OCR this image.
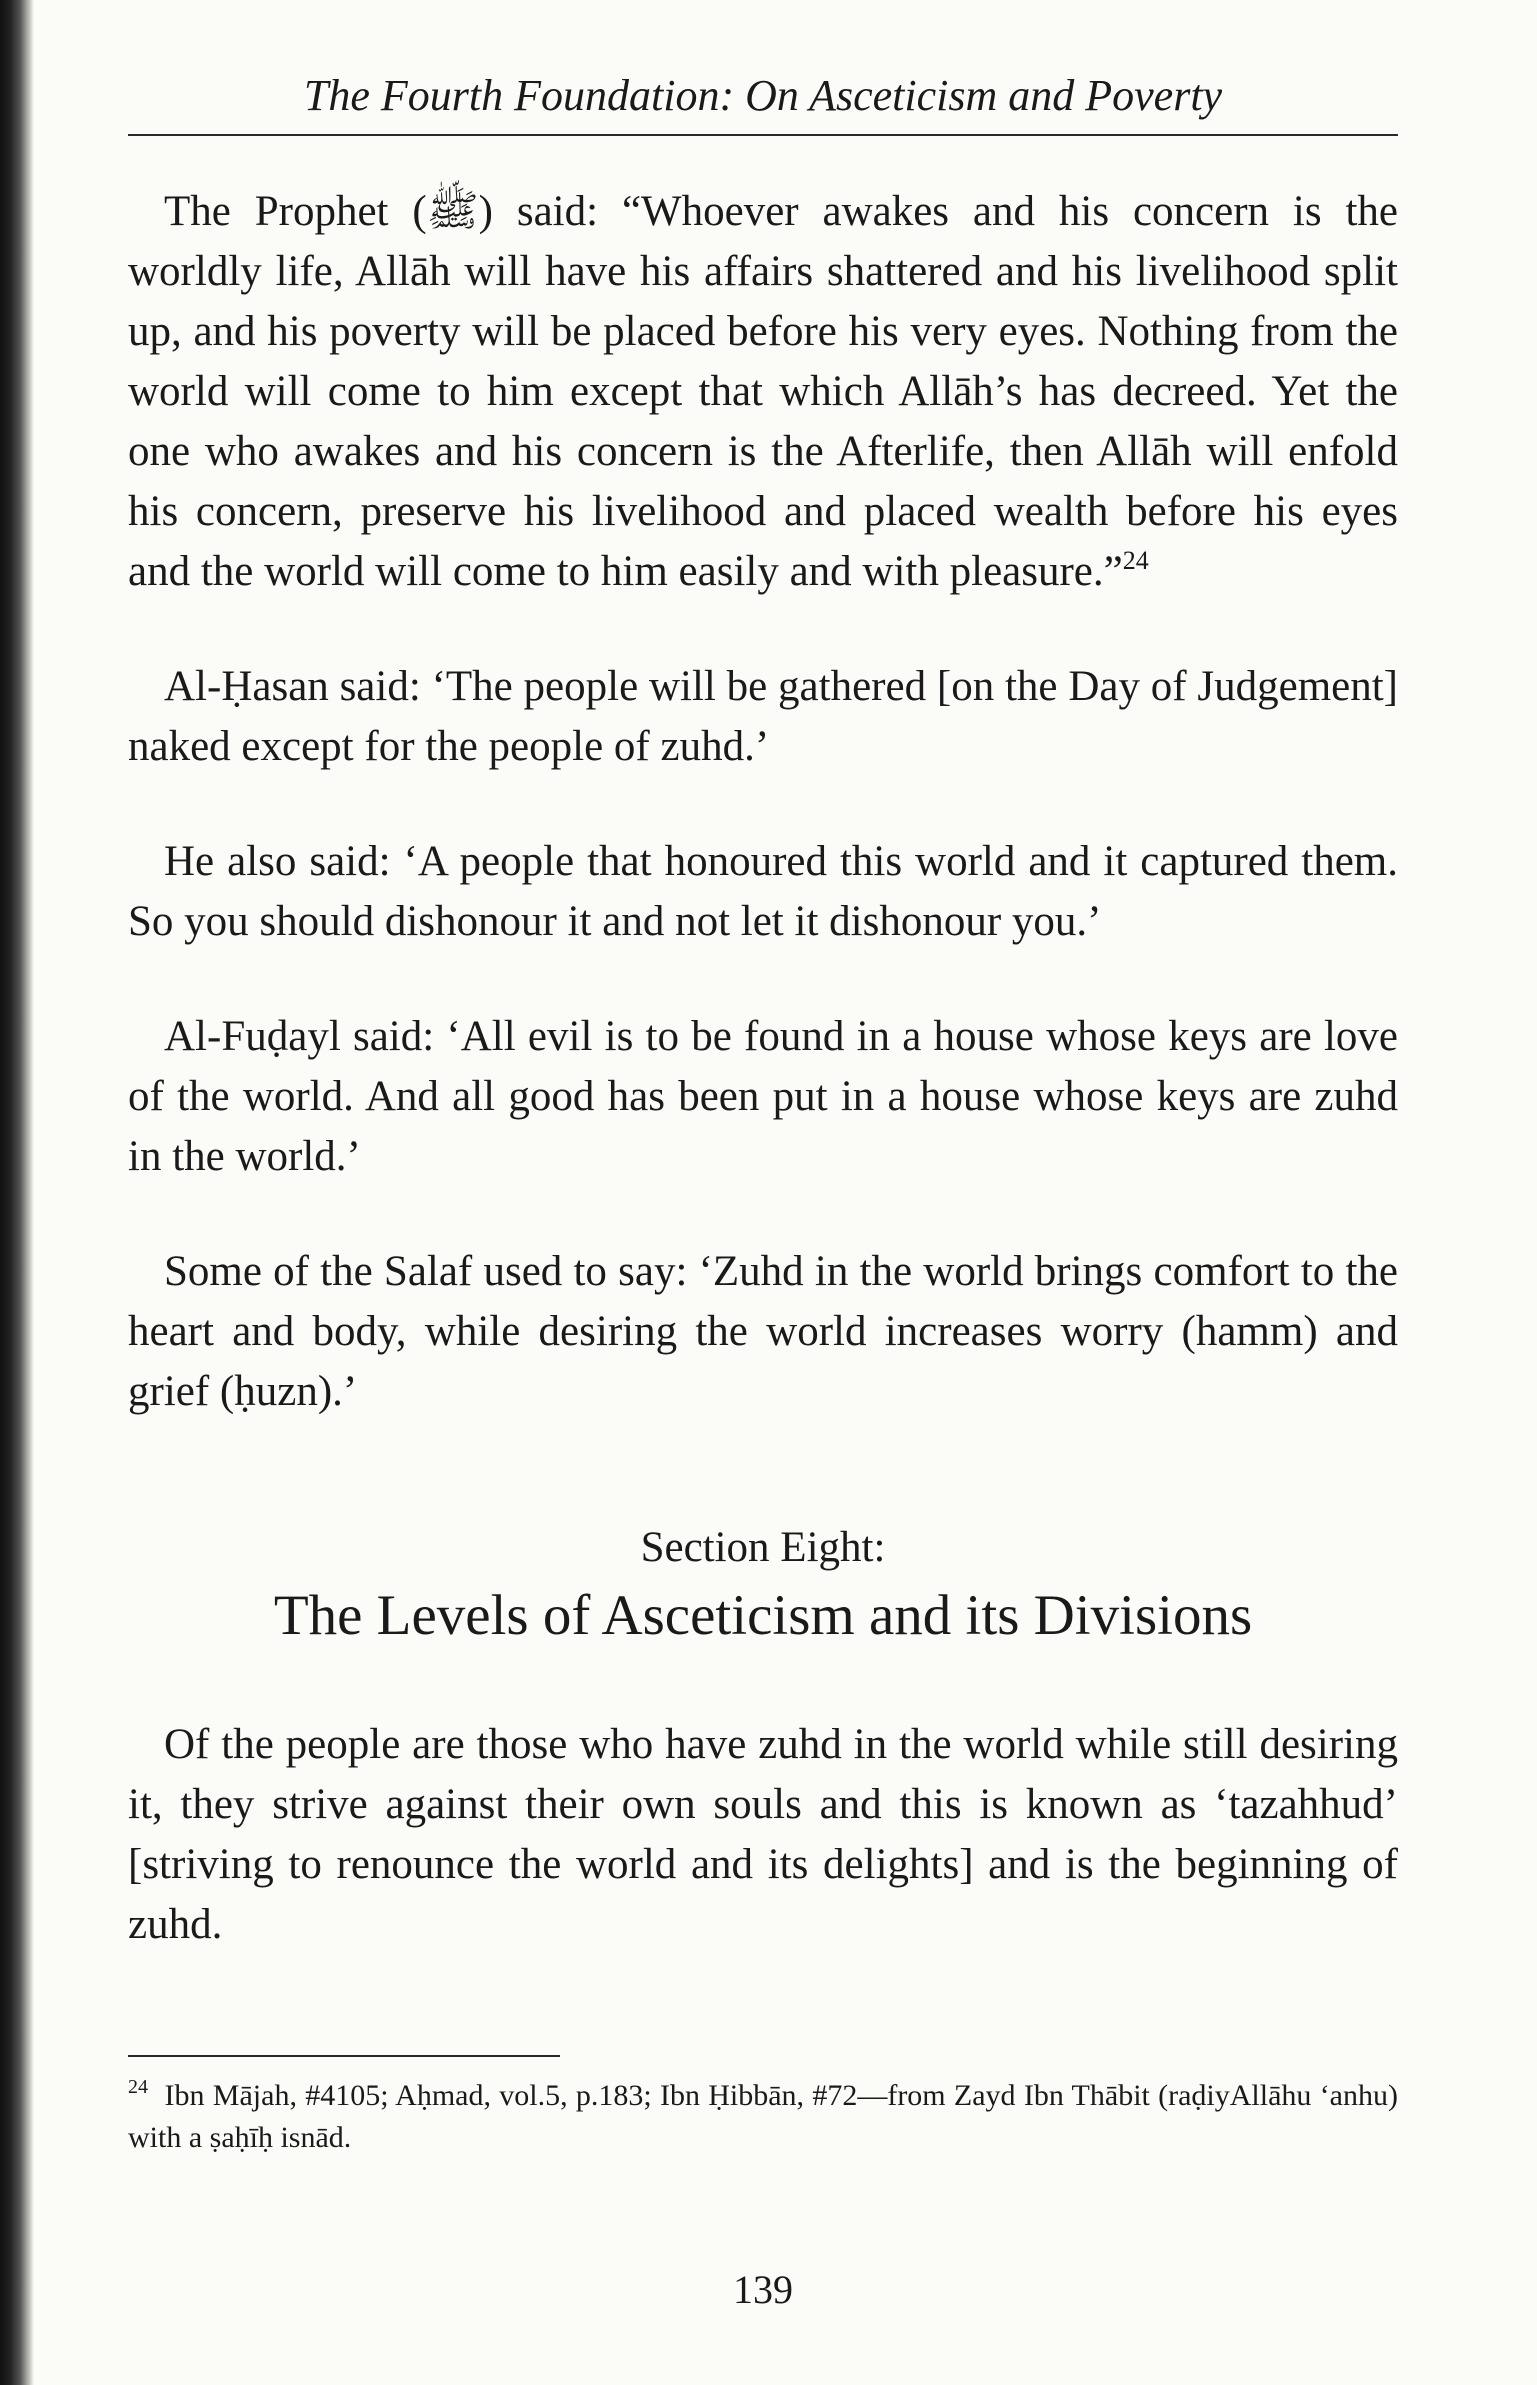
The Fourth Foundation: On Asceticism and Poverty

The Prophet (ﷺ) said: “Whoever awakes and his concern is the worldly life, Allāh will have his affairs shattered and his livelihood split up, and his poverty will be placed before his very eyes. Nothing from the world will come to him except that which Allāh’s has decreed. Yet the one who awakes and his concern is the Afterlife, then Allāh will enfold his concern, preserve his livelihood and placed wealth before his eyes and the world will come to him easily and with pleasure.”$^{24}$

Al-Ḥasan said: ‘The people will be gathered [on the Day of Judgement] naked except for the people of zuhd.’

He also said: ‘A people that honoured this world and it captured them. So you should dishonour it and not let it dishonour you.’

Al-Fuḍayl said: ‘All evil is to be found in a house whose keys are love of the world. And all good has been put in a house whose keys are zuhd in the world.’

Some of the Salaf used to say: ‘Zuhd in the world brings comfort to the heart and body, while desiring the world increases worry (hamm) and grief (ḥuzn).’

Section Eight:
The Levels of Asceticism and its Divisions

Of the people are those who have zuhd in the world while still desiring it, they strive against their own souls and this is known as ‘tazahhud’ [striving to renounce the world and its delights] and is the beginning of zuhd.

$^{24}$ Ibn Mājah, #4105; Aḥmad, vol.5, p.183; Ibn Ḥibbān, #72—from Zayd Ibn Thābit (raḍiyAllāhu ‘anhu) with a ṣaḥīḥ isnād.
139
